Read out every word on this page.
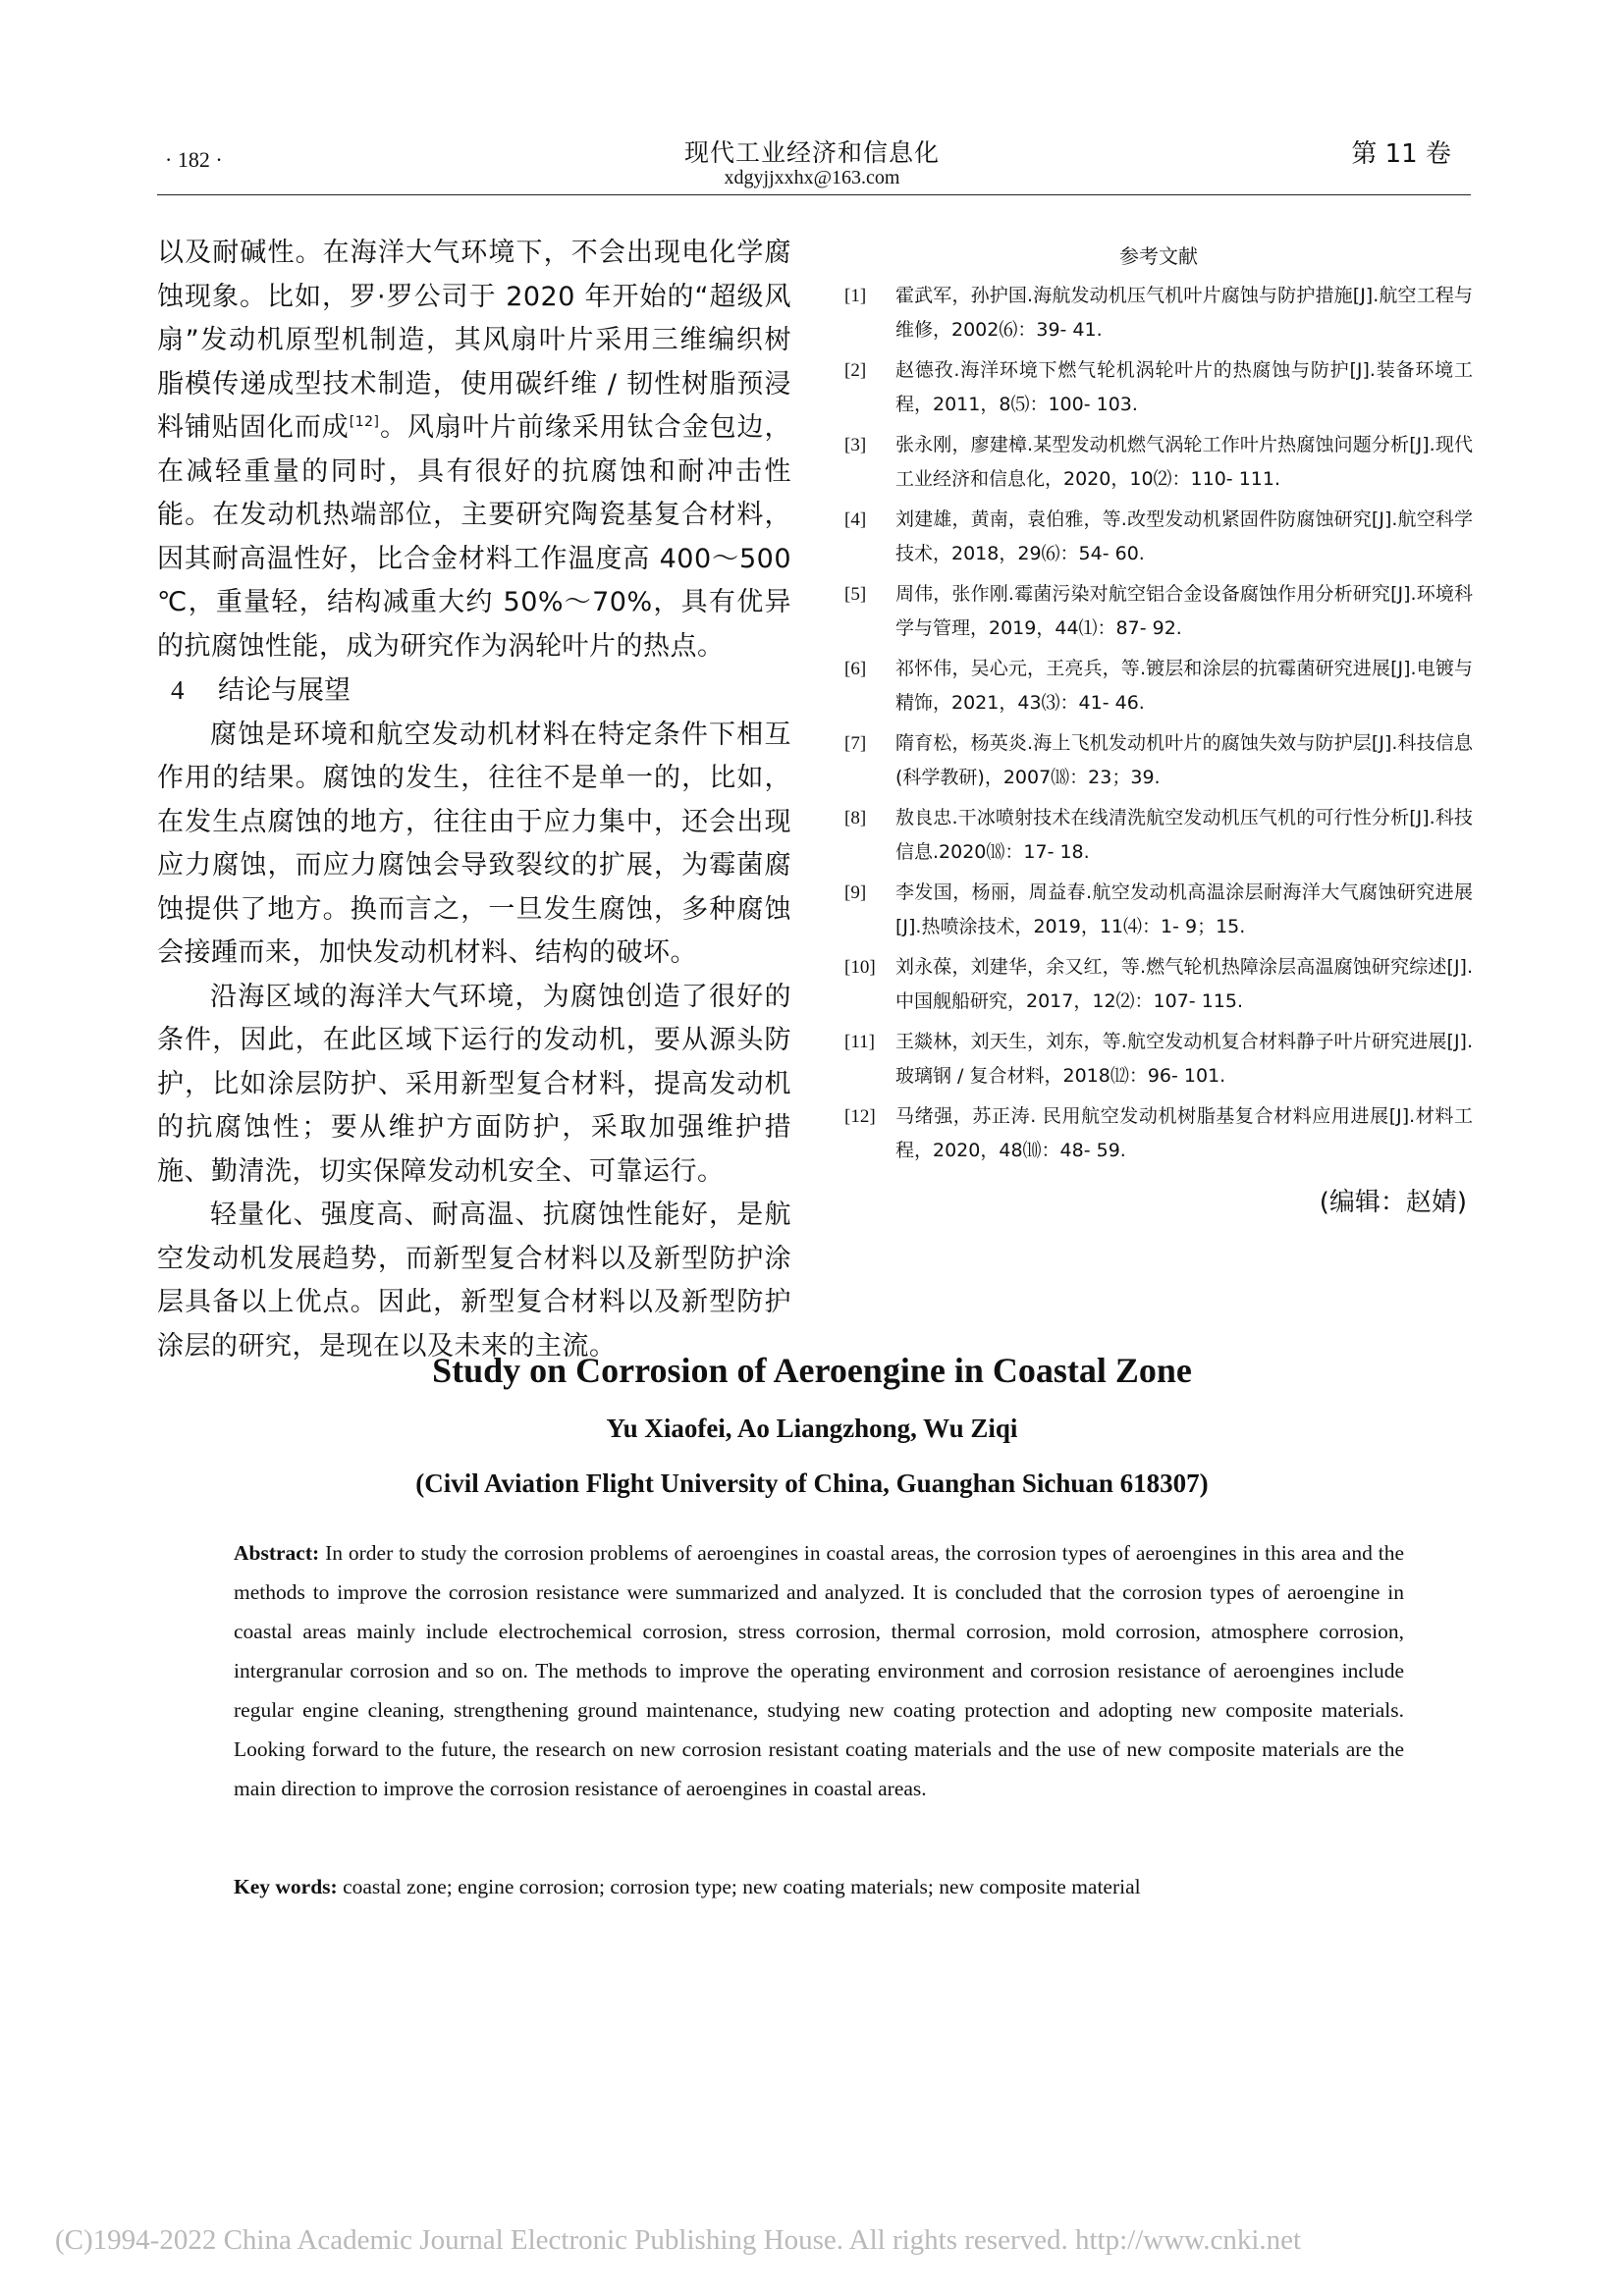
· 182 ·	现代工业经济和信息化
xdgyjjxxhx@163.com
第 11 卷

以及耐碱性。在海洋大气环境下，不会出现电化学腐蚀现象。比如，罗·罗公司于 2020 年开始的“超级风扇”发动机原型机制造，其风扇叶片采用三维编织树脂模传递成型技术制造，使用碳纤维 / 韧性树脂预浸料铺贴固化而成[12]。风扇叶片前缘采用钛合金包边，在减轻重量的同时，具有很好的抗腐蚀和耐冲击性能。在发动机热端部位，主要研究陶瓷基复合材料，因其耐高温性好，比合金材料工作温度高 400～500 ℃，重量轻，结构减重大约 50%～70%，具有优异的抗腐蚀性能，成为研究作为涡轮叶片的热点。

4 结论与展望

腐蚀是环境和航空发动机材料在特定条件下相互作用的结果。腐蚀的发生，往往不是单一的，比如，在发生点腐蚀的地方，往往由于应力集中，还会出现应力腐蚀，而应力腐蚀会导致裂纹的扩展，为霉菌腐蚀提供了地方。换而言之，一旦发生腐蚀，多种腐蚀会接踵而来，加快发动机材料、结构的破坏。

沿海区域的海洋大气环境，为腐蚀创造了很好的条件，因此，在此区域下运行的发动机，要从源头防护，比如涂层防护、采用新型复合材料，提高发动机的抗腐蚀性；要从维护方面防护，采取加强维护措施、勤清洗，切实保障发动机安全、可靠运行。

轻量化、强度高、耐高温、抗腐蚀性能好，是航空发动机发展趋势，而新型复合材料以及新型防护涂层具备以上优点。因此，新型复合材料以及新型防护涂层的研究，是现在以及未来的主流。

参考文献
[1] 霍武军，孙护国.海航发动机压气机叶片腐蚀与防护措施[J].航空工程与维修，2002⑹：39- 41.
[2] 赵德孜.海洋环境下燃气轮机涡轮叶片的热腐蚀与防护[J].装备环境工程，2011，8⑸：100- 103.
[3] 张永刚，廖建樟.某型发动机燃气涡轮工作叶片热腐蚀问题分析[J].现代工业经济和信息化，2020，10⑵：110- 111.
[4] 刘建雄，黄南，袁伯雅，等.改型发动机紧固件防腐蚀研究[J].航空科学技术，2018，29⑹：54- 60.
[5] 周伟，张作刚.霉菌污染对航空铝合金设备腐蚀作用分析研究[J].环境科学与管理，2019，44⑴：87- 92.
[6] 祁怀伟，吴心元，王亮兵，等.镀层和涂层的抗霉菌研究进展[J].电镀与精饰，2021，43⑶：41- 46.
[7] 隋育松，杨英炎.海上飞机发动机叶片的腐蚀失效与防护层[J].科技信息(科学教研)，2007⒅：23；39.
[8] 敖良忠.干冰喷射技术在线清洗航空发动机压气机的可行性分析[J].科技信息.2020⒅：17- 18.
[9] 李发国，杨丽，周益春.航空发动机高温涂层耐海洋大气腐蚀研究进展[J].热喷涂技术，2019，11⑷：1- 9；15.
[10] 刘永葆，刘建华，余又红，等.燃气轮机热障涂层高温腐蚀研究综述[J].中国舰船研究，2017，12⑵：107- 115.
[11] 王燚林，刘天生，刘东，等.航空发动机复合材料静子叶片研究进展[J].玻璃钢 / 复合材料，2018⑿：96- 101.
[12] 马绪强，苏正涛. 民用航空发动机树脂基复合材料应用进展[J].材料工程，2020，48⑽：48- 59.
(编辑：赵婧)
Study on Corrosion of Aeroengine in Coastal Zone
Yu Xiaofei, Ao Liangzhong, Wu Ziqi
(Civil Aviation Flight University of China, Guanghan Sichuan 618307)

Abstract: In order to study the corrosion problems of aeroengines in coastal areas, the corrosion types of aeroengines in this area and the methods to improve the corrosion resistance were summarized and analyzed. It is concluded that the corrosion types of aeroengine in coastal areas mainly include electrochemical corrosion, stress corrosion, thermal corrosion, mold corrosion, atmosphere corrosion, intergranular corrosion and so on. The methods to improve the operating environment and corrosion resistance of aeroengines include regular engine cleaning, strengthening ground maintenance, studying new coating protection and adopting new composite materials. Looking forward to the future, the research on new corrosion resistant coating materials and the use of new composite materials are the main direction to improve the corrosion resistance of aeroengines in coastal areas.

Key words: coastal zone; engine corrosion; corrosion type; new coating materials; new composite material

(C)1994-2022 China Academic Journal Electronic Publishing House. All rights reserved. http://www.cnki.net
